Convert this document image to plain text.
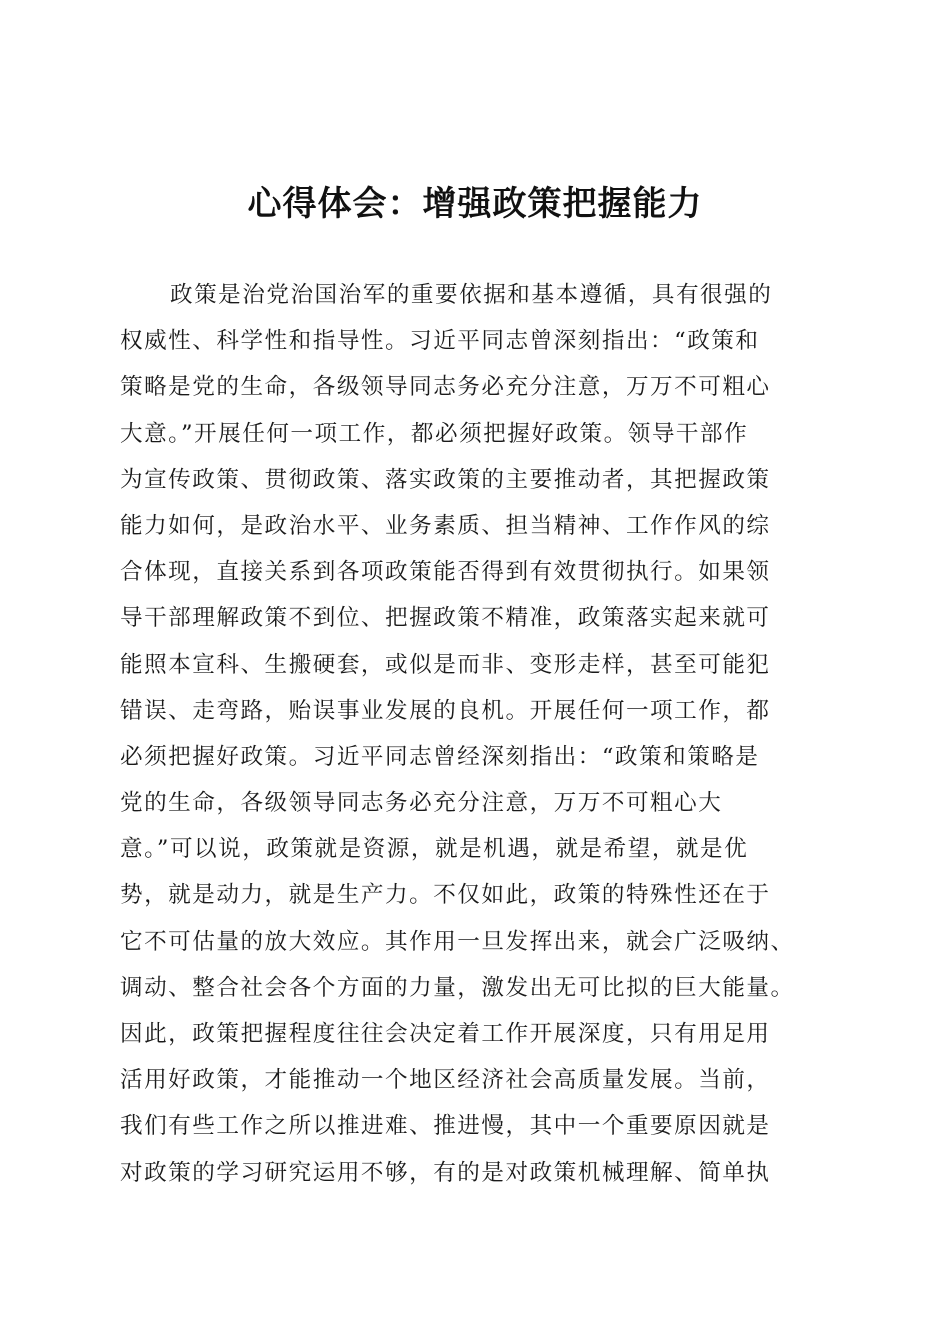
心得体会：增强政策把握能力
政策是治党治国治军的重要依据和基本遵循，具有很强的
权威性、科学性和指导性。习近平同志曾深刻指出：“政策和
策略是党的生命，各级领导同志务必充分注意，万万不可粗心
大意。”开展任何一项工作，都必须把握好政策。领导干部作
为宣传政策、贯彻政策、落实政策的主要推动者，其把握政策
能力如何，是政治水平、业务素质、担当精神、工作作风的综
合体现，直接关系到各项政策能否得到有效贯彻执行。如果领
导干部理解政策不到位、把握政策不精准，政策落实起来就可
能照本宣科、生搬硬套，或似是而非、变形走样，甚至可能犯
错误、走弯路，贻误事业发展的良机。开展任何一项工作，都
必须把握好政策。习近平同志曾经深刻指出：“政策和策略是
党的生命，各级领导同志务必充分注意，万万不可粗心大
意。”可以说，政策就是资源，就是机遇，就是希望，就是优
势，就是动力，就是生产力。不仅如此，政策的特殊性还在于
它不可估量的放大效应。其作用一旦发挥出来，就会广泛吸纳、
调动、整合社会各个方面的力量，激发出无可比拟的巨大能量。
因此，政策把握程度往往会决定着工作开展深度，只有用足用
活用好政策，才能推动一个地区经济社会高质量发展。当前，
我们有些工作之所以推进难、推进慢，其中一个重要原因就是
对政策的学习研究运用不够，有的是对政策机械理解、简单执
